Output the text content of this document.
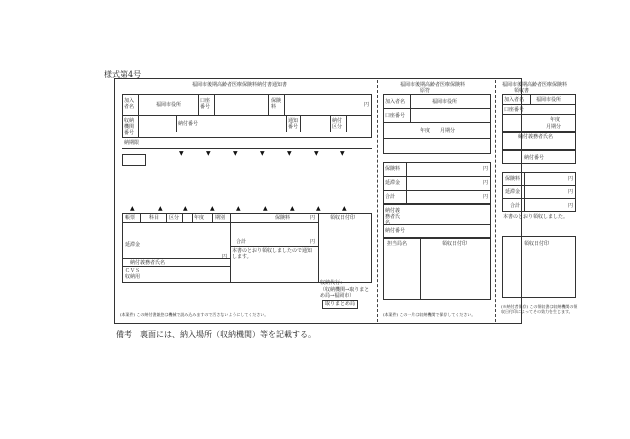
様式第4号
福岡市後期高齢者医療保険料納付書通知書
加入者名	福岡市役所
口座番号
保険料	円
収納機関番号
納付番号	通知番号
納付区分
納期限
▼	▼	▼	▼	▼	▼	▼
▲	▲	▲	▲	▲	▲	▲	▲	▲
帳票	科目 区分	年度 期別	保険料	円	領収日付印
延滞金
円
合計	円
本書のとおり領収しましたので通知します。
納付義務者氏名
ＣＶＳ収納用
収納代行：
（収納機関→取りまとめ局→福岡市）
取りまとめ局
(本案件) この納付書兼控は機械で読み込みますので汚さないようにしてください。
福岡市後期高齢者医療保険料
原符
加入者名	福岡市役所
口座番号
年度 月期分
保険料	円
延滞金	円
合計	円
納付義務者氏名
納付番号
担当局名	領収日付印
(本案件) この一片は収納機関で保存してください。
福岡市後期高齢者医療保険料
領収書
加入者名 福岡市役所
口座番号
年度
月期分
納付義務者氏名
納付番号
保険料	円
延滞金	円
合計	円
本書のとおり領収しました。
領収日付印
(※納付者保存) この領収書は収納機関の領収日付印によってその効力を生じます。
備考　裏面には、納入場所（収納機関）等を記載する。
